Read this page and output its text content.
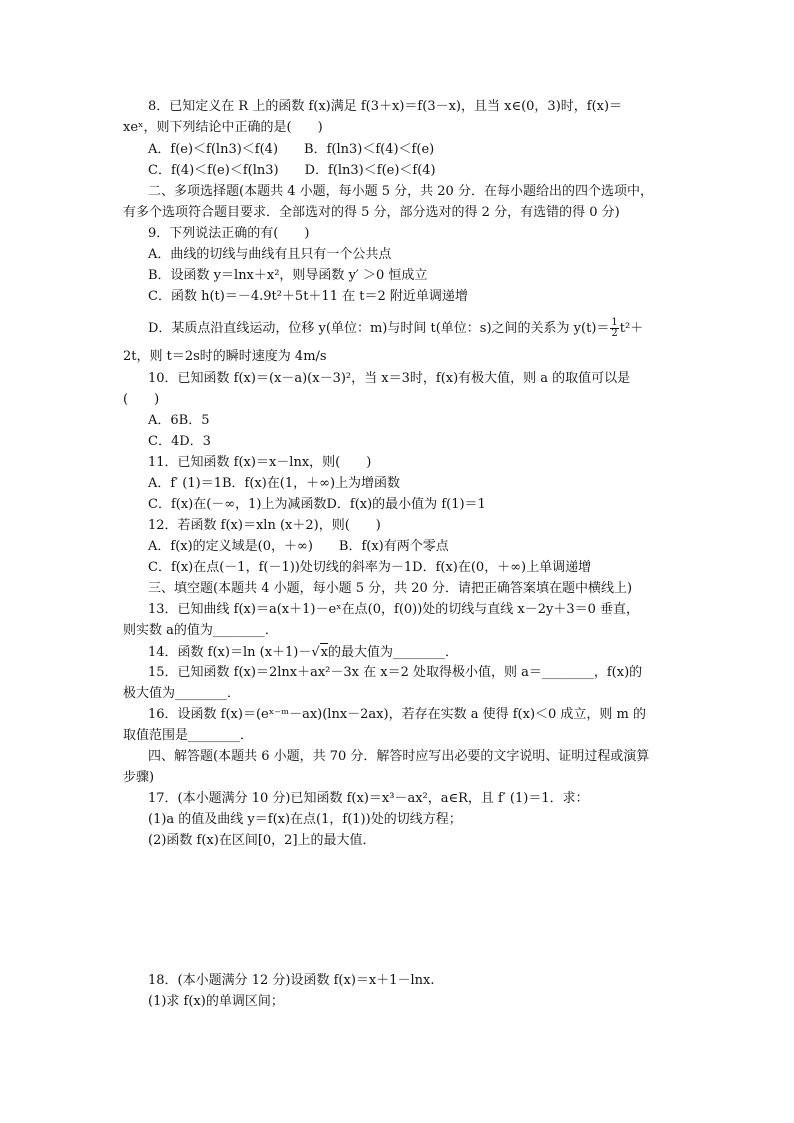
8．已知定义在 R 上的函数 f(x)满足 f(3＋x)＝f(3－x)，且当 x∈(0，3)时，f(x)＝
xeˣ，则下列结论中正确的是(　　)
A．f(e)＜f(ln3)＜f(4)　　B．f(ln3)＜f(4)＜f(e)
C．f(4)＜f(e)＜f(ln3)　　D．f(ln3)＜f(e)＜f(4)
二、多项选择题(本题共 4 小题，每小题 5 分，共 20 分．在每小题给出的四个选项中，
有多个选项符合题目要求．全部选对的得 5 分，部分选对的得 2 分，有选错的得 0 分)
9．下列说法正确的有(　　)
A．曲线的切线与曲线有且只有一个公共点
B．设函数 y＝lnx＋x²，则导函数 y′ ＞0 恒成立
C．函数 h(t)＝－4.9t²＋5t＋11 在 t＝2 附近单调递增
D．某质点沿直线运动，位移 y(单位：m)与时间 t(单位：s)之间的关系为 $y(t)= \frac{1}{2} t^2+$
2t，则 t＝2s时的瞬时速度为 4m/s
10．已知函数 f(x)＝(x－a)(x－3)²，当 x＝3时，f(x)有极大值，则 a 的取值可以是
(　　)
A．6B．5
C．4D．3
11．已知函数 f(x)＝x－lnx，则(　　)
A．f′ (1)＝1B．f(x)在(1，＋∞)上为增函数
C．f(x)在(－∞，1)上为减函数D．f(x)的最小值为 f(1)＝1
12．若函数 f(x)＝xln (x＋2)，则(　　)
A．f(x)的定义域是(0，＋∞)　　B．f(x)有两个零点
C．f(x)在点(－1，f(－1))处切线的斜率为－1D．f(x)在(0，＋∞)上单调递增
三、填空题(本题共 4 小题，每小题 5 分，共 20 分．请把正确答案填在题中横线上)
13．已知曲线 f(x)＝a(x＋1)－eˣ在点(0，f(0))处的切线与直线 x－2y＋3＝0 垂直，
则实数 a的值为________．
14．函数 f(x)＝ln (x＋1)－√x的最大值为________．
15．已知函数 f(x)＝2lnx＋ax²－3x 在 x＝2 处取得极小值，则 a＝________，f(x)的
极大值为________．
16．设函数 f(x)＝(eˣ⁻ᵐ－ax)(lnx－2ax)，若存在实数 a 使得 f(x)＜0 成立，则 m 的
取值范围是________．
四、解答题(本题共 6 小题，共 70 分．解答时应写出必要的文字说明、证明过程或演算
步骤)
17．(本小题满分 10 分)已知函数 f(x)＝x³－ax²，a∈R，且 f′ (1)＝1．求：
(1)a 的值及曲线 y＝f(x)在点(1，f(1))处的切线方程；
(2)函数 f(x)在区间[0，2]上的最大值．
18．(本小题满分 12 分)设函数 f(x)＝x＋1－lnx.
(1)求 f(x)的单调区间；
